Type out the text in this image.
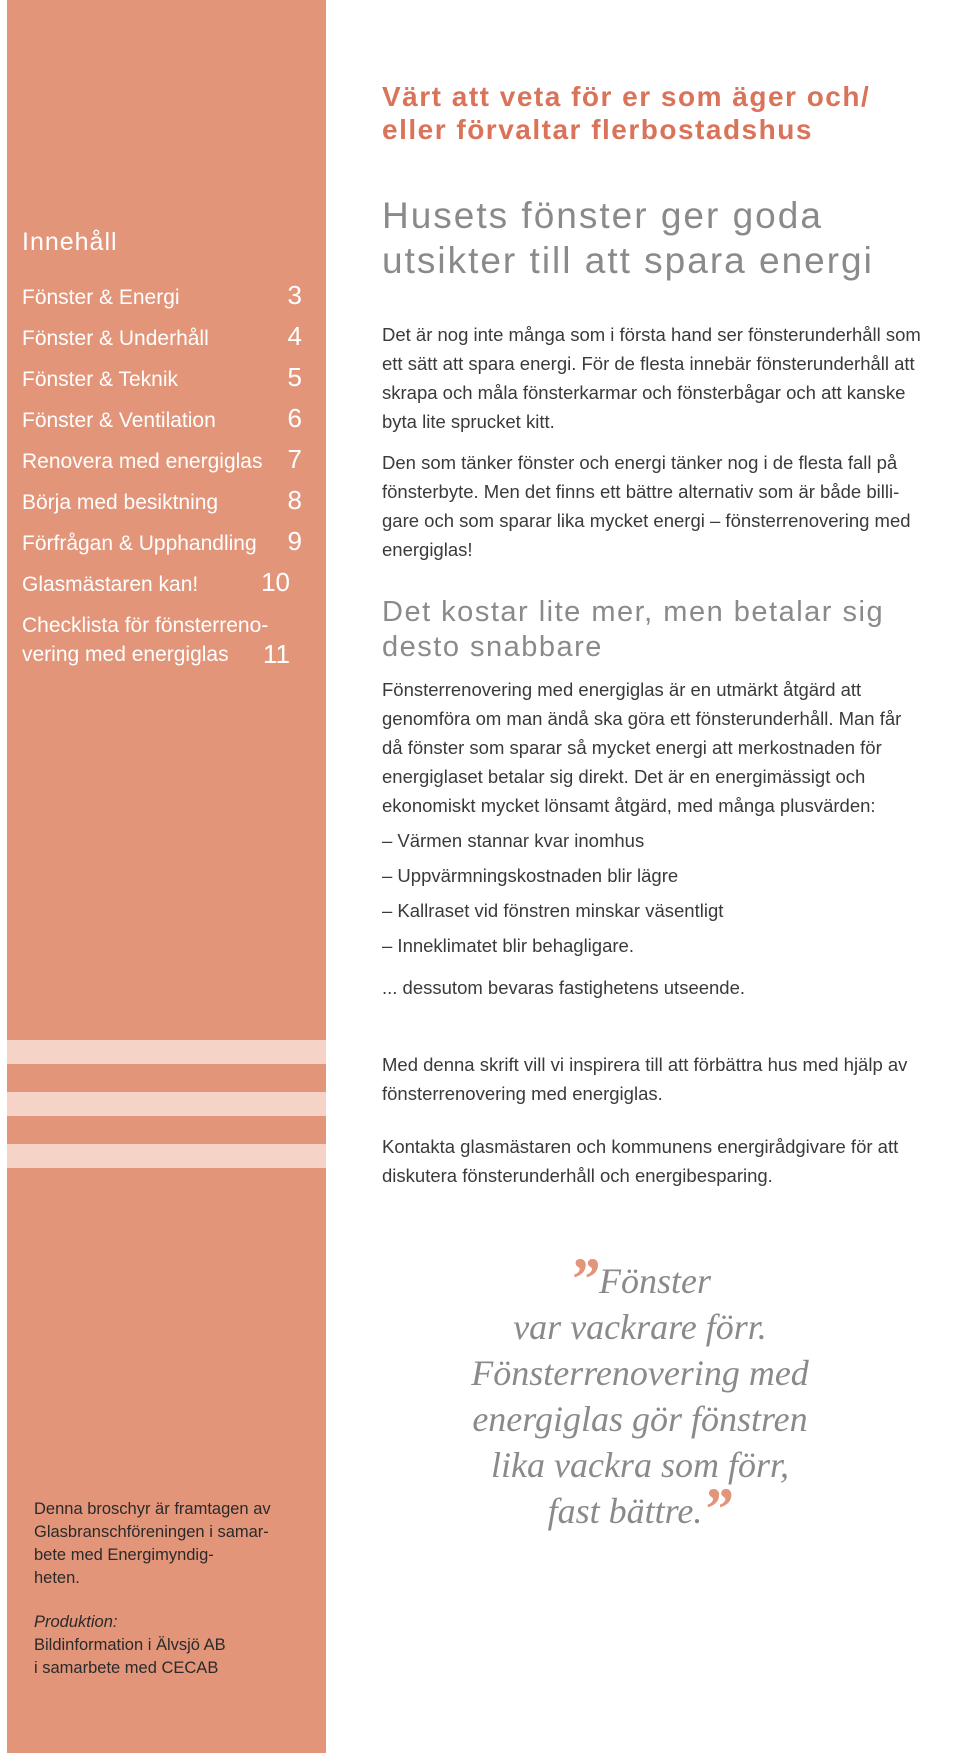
Innehåll
Fönster & Energi	3
Fönster & Underhåll	4
Fönster & Teknik	5
Fönster & Ventilation	6
Renovera med energiglas 7
Börja med besiktning	8
Förfrågan & Upphandling 9
Glasmästaren kan! 10
Checklista för fönsterreno-
vering med energiglas 11
Värt att veta för er som äger och/
eller förvaltar flerbostadshus
Husets fönster ger goda
utsikter till att spara energi

Det är nog inte många som i första hand ser fönsterunderhåll som
ett sätt att spara energi. För de flesta innebär fönsterunderhåll att
skrapa och måla fönsterkarmar och fönsterbågar och att kanske
byta lite sprucket kitt.

Den som tänker fönster och energi tänker nog i de flesta fall på
fönsterbyte. Men det finns ett bättre alternativ som är både billi-
gare och som sparar lika mycket energi – fönsterrenovering med
energiglas!

Det kostar lite mer, men betalar sig
desto snabbare

Fönsterrenovering med energiglas är en utmärkt åtgärd att
genomföra om man ändå ska göra ett fönsterunderhåll. Man får
då fönster som sparar så mycket energi att merkostnaden för
energiglaset betalar sig direkt. Det är en energimässigt och
ekonomiskt mycket lönsamt åtgärd, med många plusvärden:

– Värmen stannar kvar inomhus
– Uppvärmningskostnaden blir lägre
– Kallraset vid fönstren minskar väsentligt
– Inneklimatet blir behagligare.

... dessutom bevaras fastighetens utseende.

Med denna skrift vill vi inspirera till att förbättra hus med hjälp av
fönsterrenovering med energiglas.

Kontakta glasmästaren och kommunens energirådgivare för att
diskutera fönsterunderhåll och energibesparing.

”Fönster
var vackrare förr.
Fönsterrenovering med
energiglas gör fönstren
lika vackra som förr,
fast bättre.”

Denna broschyr är framtagen av
Glasbranschföreningen i samar-
bete med Energimyndig-
heten.

Produktion:
Bildinformation i Älvsjö AB
i samarbete med CECAB
